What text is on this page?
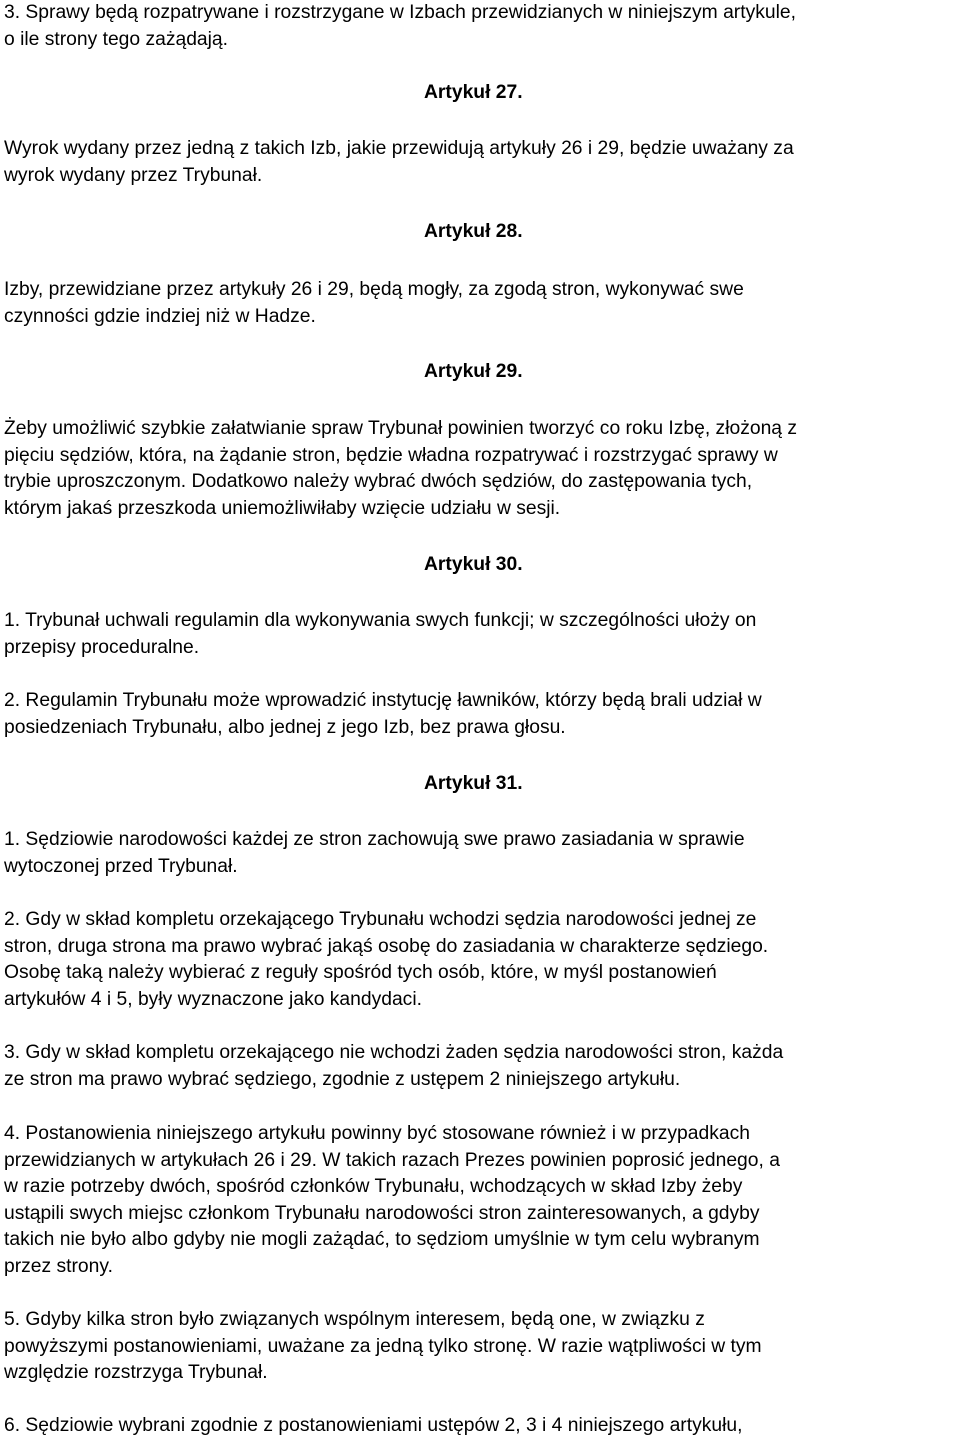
3. Sprawy będą rozpatrywane i rozstrzygane w Izbach przewidzianych w niniejszym artykule,
o ile strony tego zażądają.

Artykuł 27.

Wyrok wydany przez jedną z takich Izb, jakie przewidują artykuły 26 i 29, będzie uważany za
wyrok wydany przez Trybunał.

Artykuł 28.

Izby, przewidziane przez artykuły 26 i 29, będą mogły, za zgodą stron, wykonywać swe
czynności gdzie indziej niż w Hadze.

Artykuł 29.

Żeby umożliwić szybkie załatwianie spraw Trybunał powinien tworzyć co roku Izbę, złożoną z
pięciu sędziów, która, na żądanie stron, będzie władna rozpatrywać i rozstrzygać sprawy w
trybie uproszczonym. Dodatkowo należy wybrać dwóch sędziów, do zastępowania tych,
którym jakaś przeszkoda uniemożliwiłaby wzięcie udziału w sesji.

Artykuł 30.

1. Trybunał uchwali regulamin dla wykonywania swych funkcji; w szczególności ułoży on
przepisy proceduralne.

2. Regulamin Trybunału może wprowadzić instytucję ławników, którzy będą brali udział w
posiedzeniach Trybunału, albo jednej z jego Izb, bez prawa głosu.

Artykuł 31.

1. Sędziowie narodowości każdej ze stron zachowują swe prawo zasiadania w sprawie
wytoczonej przed Trybunał.

2. Gdy w skład kompletu orzekającego Trybunału wchodzi sędzia narodowości jednej ze
stron, druga strona ma prawo wybrać jakąś osobę do zasiadania w charakterze sędziego.
Osobę taką należy wybierać z reguły spośród tych osób, które, w myśl postanowień
artykułów 4 i 5, były wyznaczone jako kandydaci.

3. Gdy w skład kompletu orzekającego nie wchodzi żaden sędzia narodowości stron, każda
ze stron ma prawo wybrać sędziego, zgodnie z ustępem 2 niniejszego artykułu.

4. Postanowienia niniejszego artykułu powinny być stosowane również i w przypadkach
przewidzianych w artykułach 26 i 29. W takich razach Prezes powinien poprosić jednego, a
w razie potrzeby dwóch, spośród członków Trybunału, wchodzących w skład Izby żeby
ustąpili swych miejsc członkom Trybunału narodowości stron zainteresowanych, a gdyby
takich nie było albo gdyby nie mogli zażądać, to sędziom umyślnie w tym celu wybranym
przez strony.

5. Gdyby kilka stron było związanych wspólnym interesem, będą one, w związku z
powyższymi postanowieniami, uważane za jedną tylko stronę. W razie wątpliwości w tym
względzie rozstrzyga Trybunał.

6. Sędziowie wybrani zgodnie z postanowieniami ustępów 2, 3 i 4 niniejszego artykułu,
